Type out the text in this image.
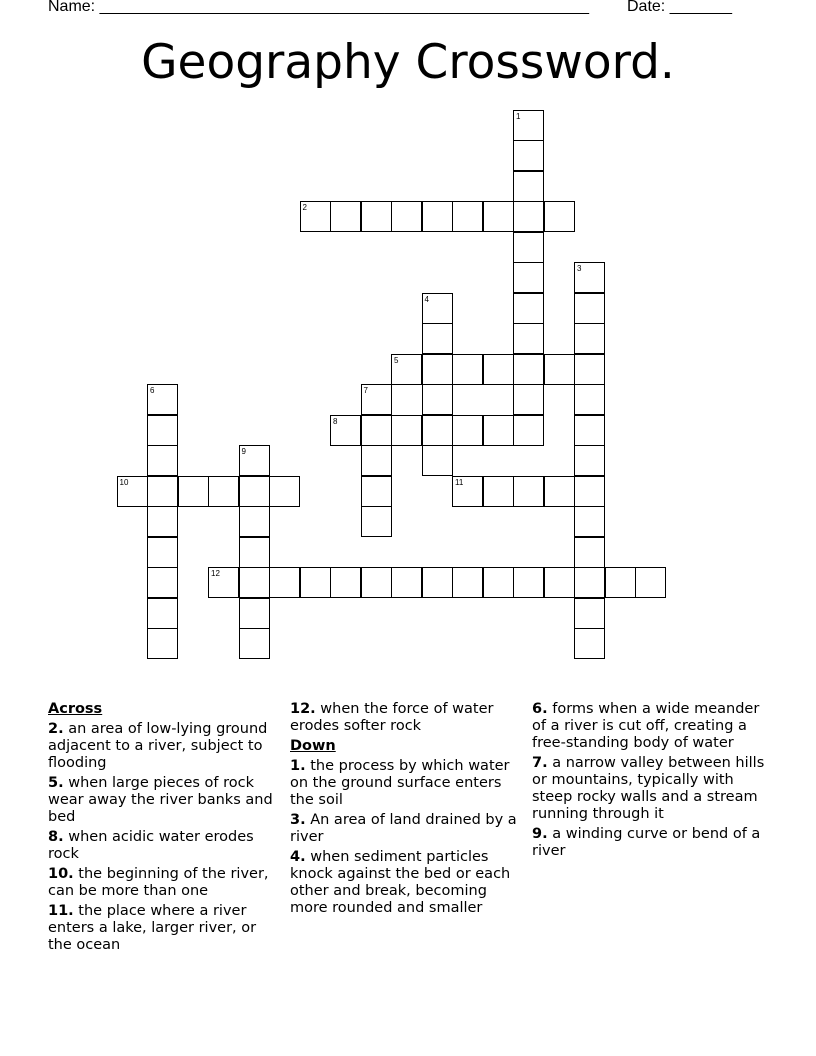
Name: _______________________________________________________ Date: _______
Geography Crossword.
1
2
3
4
5
7
6
8
9
10	11
12
Across
2. an area of low-lying ground adjacent to a river, subject to flooding
5. when large pieces of rock wear away the river banks and bed
8. when acidic water erodes rock
10. the beginning of the river, can be more than one
11. the place where a river enters a lake, larger river, or the ocean
12. when the force of water erodes softer rock
Down
1. the process by which water on the ground surface enters the soil
3. An area of land drained by a river
4. when sediment particles knock against the bed or each other and break, becoming more rounded and smaller
6. forms when a wide meander of a river is cut off, creating a free-standing body of water
7. a narrow valley between hills or mountains, typically with steep rocky walls and a stream running through it
9. a winding curve or bend of a river
